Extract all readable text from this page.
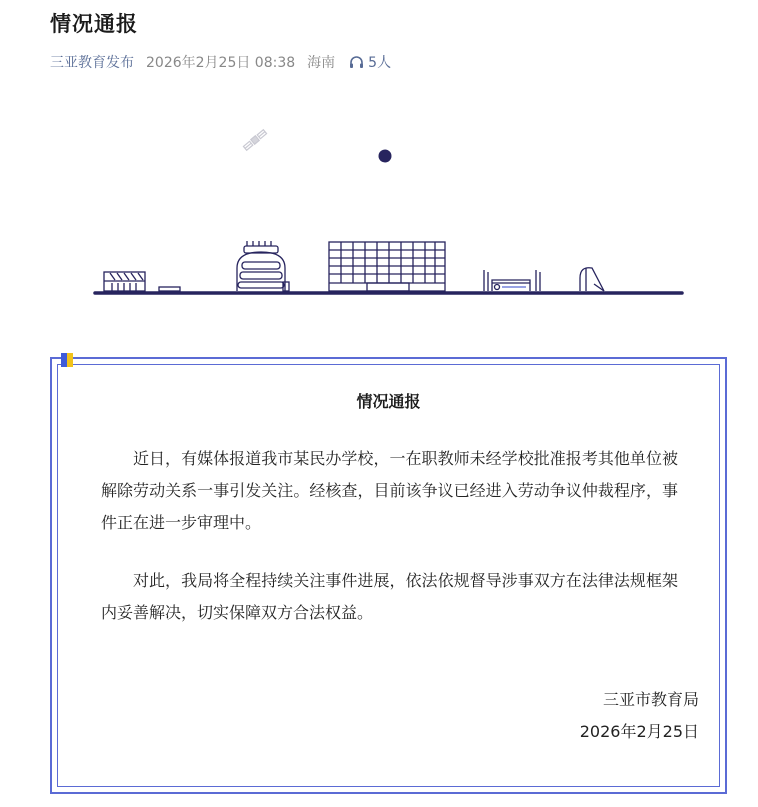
情况通报
三亚教育发布 2026年2月25日 08:38 海南 5人
情况通报

近日，有媒体报道我市某民办学校，一在职教师未经学校批准报考其他单位被解除劳动关系一事引发关注。经核查，目前该争议已经进入劳动争议仲裁程序，事件正在进一步审理中。

对此，我局将全程持续关注事件进展，依法依规督导涉事双方在法律法规框架内妥善解决，切实保障双方合法权益。

三亚市教育局
2026年2月25日
